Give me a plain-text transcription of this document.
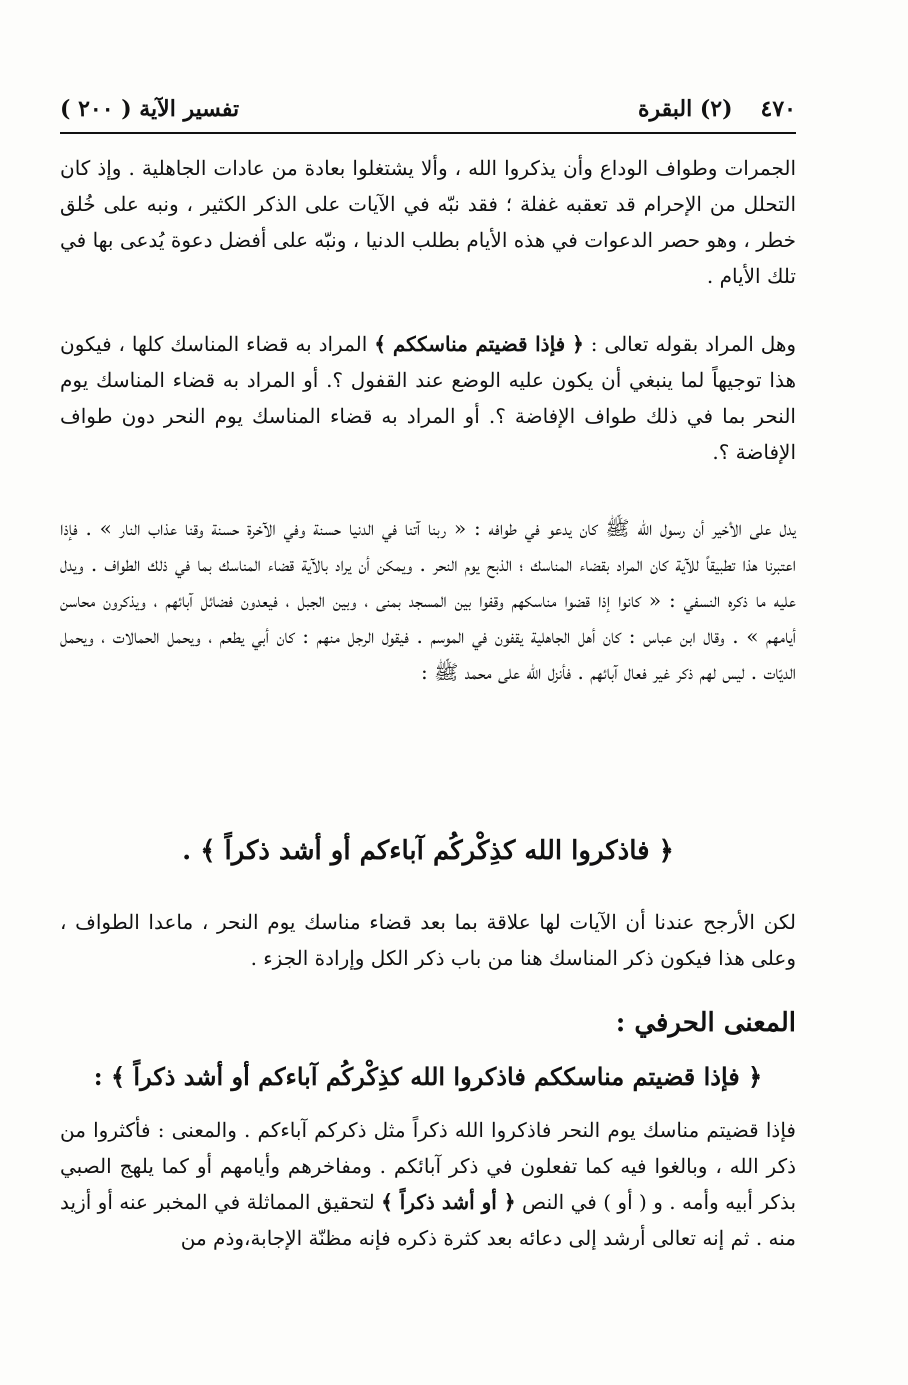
٤٧٠
(٢) البقرة
تفسير الآية ( ٢٠٠ )
الجمرات وطواف الوداع وأن يذكروا الله ، وألا يشتغلوا بعادة من عادات الجاهلية . وإذ كان التحلل من الإحرام قد تعقبه غفلة ؛ فقد نبّه في الآيات على الذكر الكثير ، ونبه على خُلق خطر ، وهو حصر الدعوات في هذه الأيام بطلب الدنيا ، ونبّه على أفضل دعوة يُدعى بها في تلك الأيام .
وهل المراد بقوله تعالى : ﴿ فإذا قضيتم مناسككم ﴾ المراد به قضاء المناسك كلها ، فيكون هذا توجيهاً لما ينبغي أن يكون عليه الوضع عند القفول ؟. أو المراد به قضاء المناسك يوم النحر بما في ذلك طواف الإفاضة ؟. أو المراد به قضاء المناسك يوم النحر دون طواف الإفاضة ؟.
يدل على الأخير أن رسول الله ﷺ كان يدعو في طوافه : « ربنا آتنا في الدنيا حسنة وفي الآخرة حسنة وقنا عذاب النار » . فإذا اعتبرنا هذا تطبيقاً للآية كان المراد بقضاء المناسك ؛ الذبح يوم النحر . ويمكن أن يراد بالآية قضاء المناسك بما في ذلك الطواف . ويدل عليه ما ذكره النسفي : « كانوا إذا قضوا مناسكهم وقفوا بين المسجد بمنى ، وبين الجبل ، فيعدون فضائل آبائهم ، ويذكرون محاسن أيامهم » . وقال ابن عباس : كان أهل الجاهلية يقفون في الموسم . فيقول الرجل منهم : كان أبي يطعم ، ويحمل الحمالات ، ويحمل الديّات . ليس لهم ذكر غير فعال آبائهم . فأنزل الله على محمد ﷺ :
﴿ فاذكروا الله كذِكْركُم آباءكم أو أشد ذكراً ﴾ .
لكن الأرجح عندنا أن الآيات لها علاقة بما بعد قضاء مناسك يوم النحر ، ماعدا الطواف ، وعلى هذا فيكون ذكر المناسك هنا من باب ذكر الكل وإرادة الجزء .
المعنى الحرفي :
﴿ فإذا قضيتم مناسككم فاذكروا الله كذِكْركُم آباءكم أو أشد ذكراً ﴾ :
فإذا قضيتم مناسك يوم النحر فاذكروا الله ذكراً مثل ذكركم آباءكم . والمعنى : فأكثروا من ذكر الله ، وبالغوا فيه كما تفعلون في ذكر آبائكم . ومفاخرهم وأيامهم أو كما يلهج الصبي بذكر أبيه وأمه . و ( أو ) في النص ﴿ أو أشد ذكراً ﴾ لتحقيق المماثلة في المخبر عنه أو أزيد منه . ثم إنه تعالى أرشد إلى دعائه بعد كثرة ذكره فإنه مظنّة الإجابة،وذم من
